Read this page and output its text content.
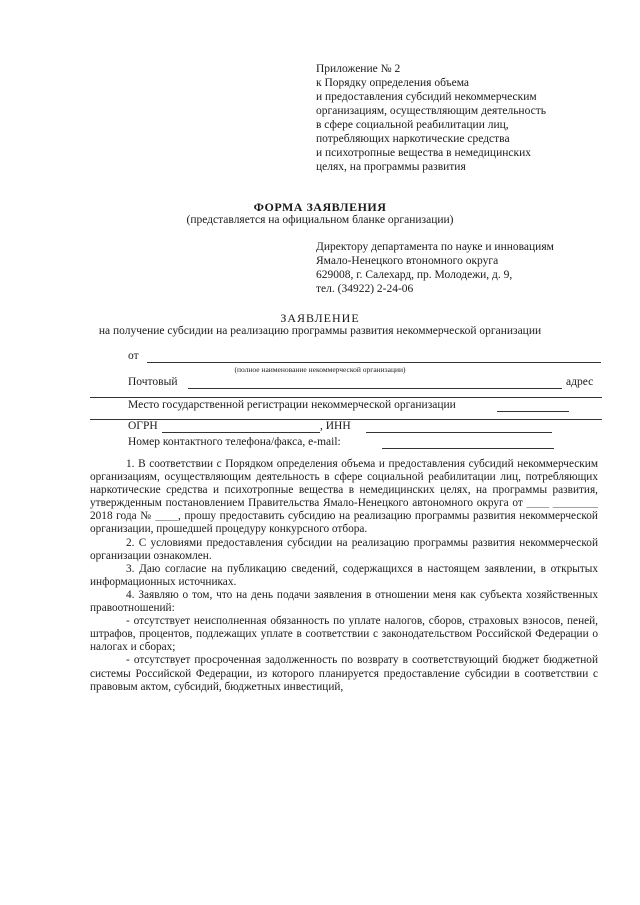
Приложение № 2
к Порядку определения объема
и предоставления субсидий некоммерческим
организациям, осуществляющим деятельность
в сфере социальной реабилитации лиц,
потребляющих наркотические средства
и психотропные вещества в немедицинских
целях, на программы развития
ФОРМА ЗАЯВЛЕНИЯ
(представляется на официальном бланке организации)
Директору департамента по науке и инновациям
Ямало-Ненецкого втономного округа
629008, г. Салехард, пр. Молодежи, д. 9,
тел. (34922) 2-24-06
ЗАЯВЛЕНИЕ
на получение субсидии на реализацию программы развития некоммерческой организации
от
(полное наименование некоммерческой организации)
Почтовый	адрес
Место государственной регистрации некоммерческой организации
ОГРН	, ИНН
Номер контактного телефона/факса, e-mail:

1. В соответствии с Порядком определения объема и предоставления субсидий некоммерческим организациям, осуществляющим деятельность в сфере социальной реабилитации лиц, потребляющих наркотические средства и психотропные вещества в немедицинских целях, на программы развития, утвержденным постановлением Правительства Ямало-Ненецкого автономного округа от ____ ________ 2018 года № ____, прошу предоставить субсидию на реализацию программы развития некоммерческой организации, прошедшей процедуру конкурсного отбора.

2. С условиями предоставления субсидии на реализацию программы развития некоммерческой организации ознакомлен.

3. Даю согласие на публикацию сведений, содержащихся в настоящем заявлении, в открытых информационных источниках.

4. Заявляю о том, что на день подачи заявления в отношении меня как субъекта хозяйственных правоотношений:

- отсутствует неисполненная обязанность по уплате налогов, сборов, страховых взносов, пеней, штрафов, процентов, подлежащих уплате в соответствии с законодательством Российской Федерации о налогах и сборах;

- отсутствует просроченная задолженность по возврату в соответствующий бюджет бюджетной системы Российской Федерации, из которого планируется предоставление субсидии в соответствии с правовым актом, субсидий, бюджетных инвестиций,
